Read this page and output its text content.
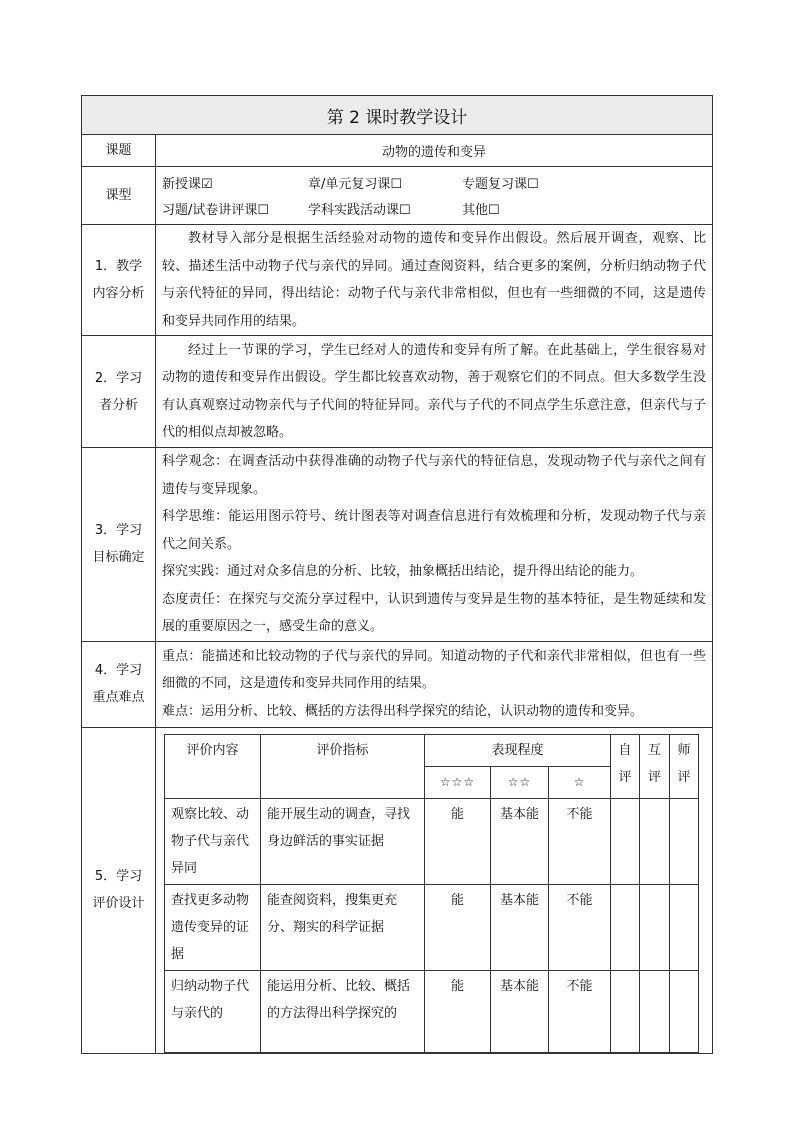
第 2 课时教学设计
课题	动物的遗传和变异
课型	
新授课☑	章/单元复习课☐	专题复习课☐
习题/试卷讲评课☐	学科实践活动课☐	其他☐

1．教学
内容分析

教材导入部分是根据生活经验对动物的遗传和变异作出假设。然后展开调查，观察、比较、描述生活中动物子代与亲代的异同。通过查阅资料，结合更多的案例，分析归纳动物子代与亲代特征的异同，得出结论：动物子代与亲代非常相似，但也有一些细微的不同，这是遗传和变异共同作用的结果。

2．学习
者分析

经过上一节课的学习，学生已经对人的遗传和变异有所了解。在此基础上，学生很容易对动物的遗传和变异作出假设。学生都比较喜欢动物，善于观察它们的不同点。但大多数学生没有认真观察过动物亲代与子代间的特征异同。亲代与子代的不同点学生乐意注意，但亲代与子代的相似点却被忽略。

3．学习
目标确定

科学观念：在调查活动中获得准确的动物子代与亲代的特征信息，发现动物子代与亲代之间有遗传与变异现象。

科学思维：能运用图示符号、统计图表等对调查信息进行有效梳理和分析，发现动物子代与亲代之间关系。

探究实践：通过对众多信息的分析、比较，抽象概括出结论，提升得出结论的能力。

态度责任：在探究与交流分享过程中，认识到遗传与变异是生物的基本特征，是生物延续和发展的重要原因之一，感受生命的意义。

4．学习
重点难点

重点：能描述和比较动物的子代与亲代的异同。知道动物的子代和亲代非常相似，但也有一些细微的不同，这是遗传和变异共同作用的结果。

难点：运用分析、比较、概括的方法得出科学探究的结论，认识动物的遗传和变异。

5．学习
评价设计

评价内容	评价指标	表现程度	自评	互评	师评
☆☆☆	☆☆	☆
观察比较、动物子代与亲代异同	能开展生动的调查，寻找身边鲜活的事实证据	能	基本能	不能			
查找更多动物遗传变异的证据	能查阅资料，搜集更充分、翔实的科学证据	能	基本能	不能			
归纳动物子代与亲代的	能运用分析、比较、概括的方法得出科学探究的	能	基本能	不能			
